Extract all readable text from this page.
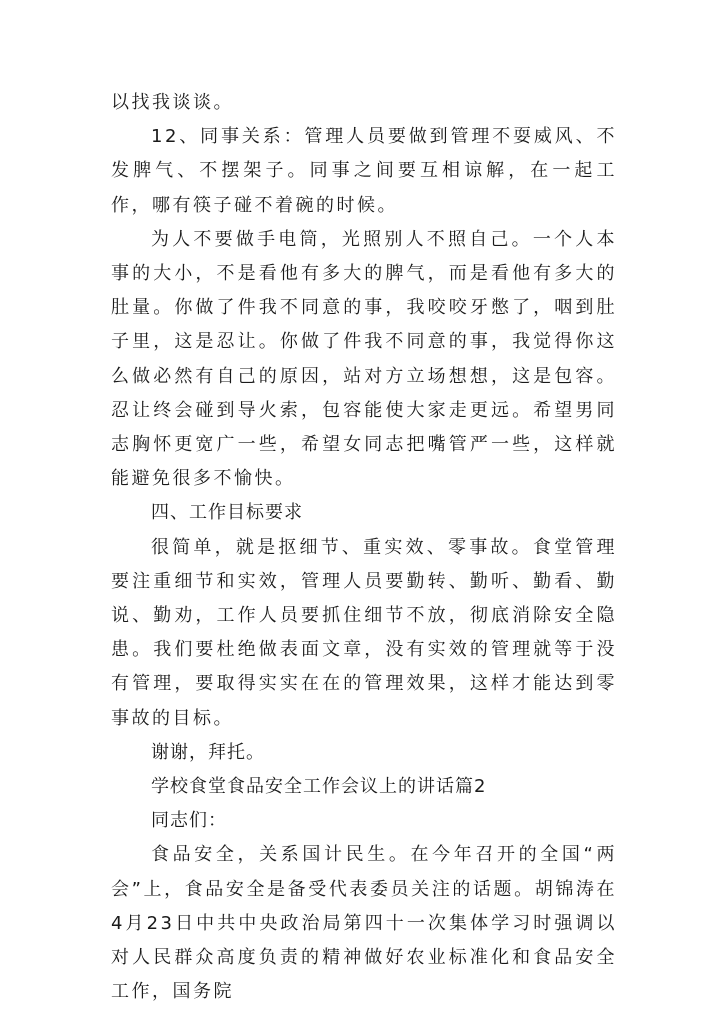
以找我谈谈。

12、同事关系：管理人员要做到管理不耍威风、不发脾气、不摆架子。同事之间要互相谅解，在一起工作，哪有筷子碰不着碗的时候。

为人不要做手电筒，光照别人不照自己。一个人本事的大小，不是看他有多大的脾气，而是看他有多大的肚量。你做了件我不同意的事，我咬咬牙憋了，咽到肚子里，这是忍让。你做了件我不同意的事，我觉得你这么做必然有自己的原因，站对方立场想想，这是包容。忍让终会碰到导火索，包容能使大家走更远。希望男同志胸怀更宽广一些，希望女同志把嘴管严一些，这样就能避免很多不愉快。

四、工作目标要求

很简单，就是抠细节、重实效、零事故。食堂管理要注重细节和实效，管理人员要勤转、勤听、勤看、勤说、勤劝，工作人员要抓住细节不放，彻底消除安全隐患。我们要杜绝做表面文章，没有实效的管理就等于没有管理，要取得实实在在的管理效果，这样才能达到零事故的目标。

谢谢，拜托。

学校食堂食品安全工作会议上的讲话篇2

同志们：

食品安全，关系国计民生。在今年召开的全国“两会”上，食品安全是备受代表委员关注的话题。胡锦涛在4月23日中共中央政治局第四十一次集体学习时强调以对人民群众高度负责的精神做好农业标准化和食品安全工作，国务院
